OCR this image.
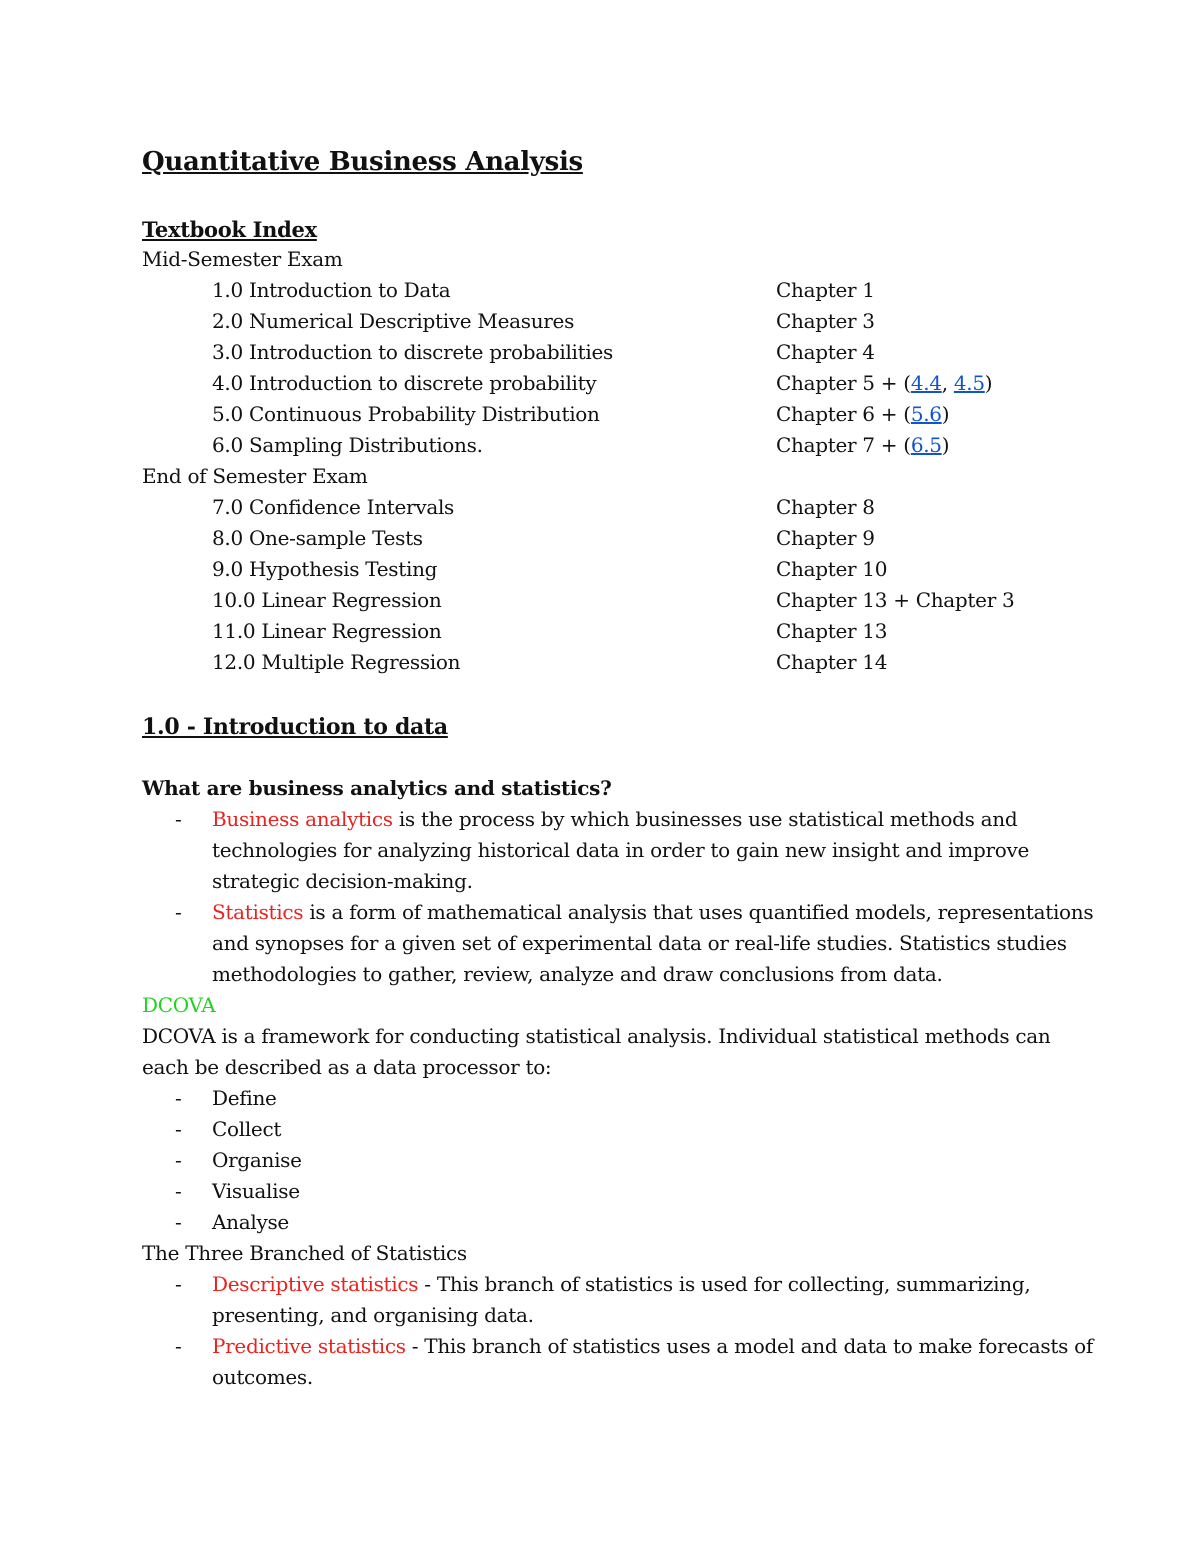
Quantitative Business Analysis
Textbook Index
Mid-Semester Exam
1.0 Introduction to Data	Chapter 1
2.0 Numerical Descriptive Measures	Chapter 3
3.0 Introduction to discrete probabilities	Chapter 4
4.0 Introduction to discrete probability	Chapter 5 + (4.4, 4.5)
5.0 Continuous Probability Distribution	Chapter 6 + (5.6)
6.0 Sampling Distributions.	Chapter 7 + (6.5)
End of Semester Exam
7.0 Confidence Intervals	Chapter 8
8.0 One-sample Tests	Chapter 9
9.0 Hypothesis Testing	Chapter 10
10.0 Linear Regression	Chapter 13 + Chapter 3
11.0 Linear Regression	Chapter 13
12.0 Multiple Regression	Chapter 14
1.0 - Introduction to data
What are business analytics and statistics?
- Business analytics is the process by which businesses use statistical methods and
technologies for analyzing historical data in order to gain new insight and improve
strategic decision-making.
- Statistics is a form of mathematical analysis that uses quantified models, representations
and synopses for a given set of experimental data or real-life studies. Statistics studies
methodologies to gather, review, analyze and draw conclusions from data.
DCOVA
DCOVA is a framework for conducting statistical analysis. Individual statistical methods can
each be described as a data processor to:
- Define
- Collect
- Organise
- Visualise
- Analyse
The Three Branched of Statistics
- Descriptive statistics - This branch of statistics is used for collecting, summarizing,
presenting, and organising data.
- Predictive statistics - This branch of statistics uses a model and data to make forecasts of
outcomes.
